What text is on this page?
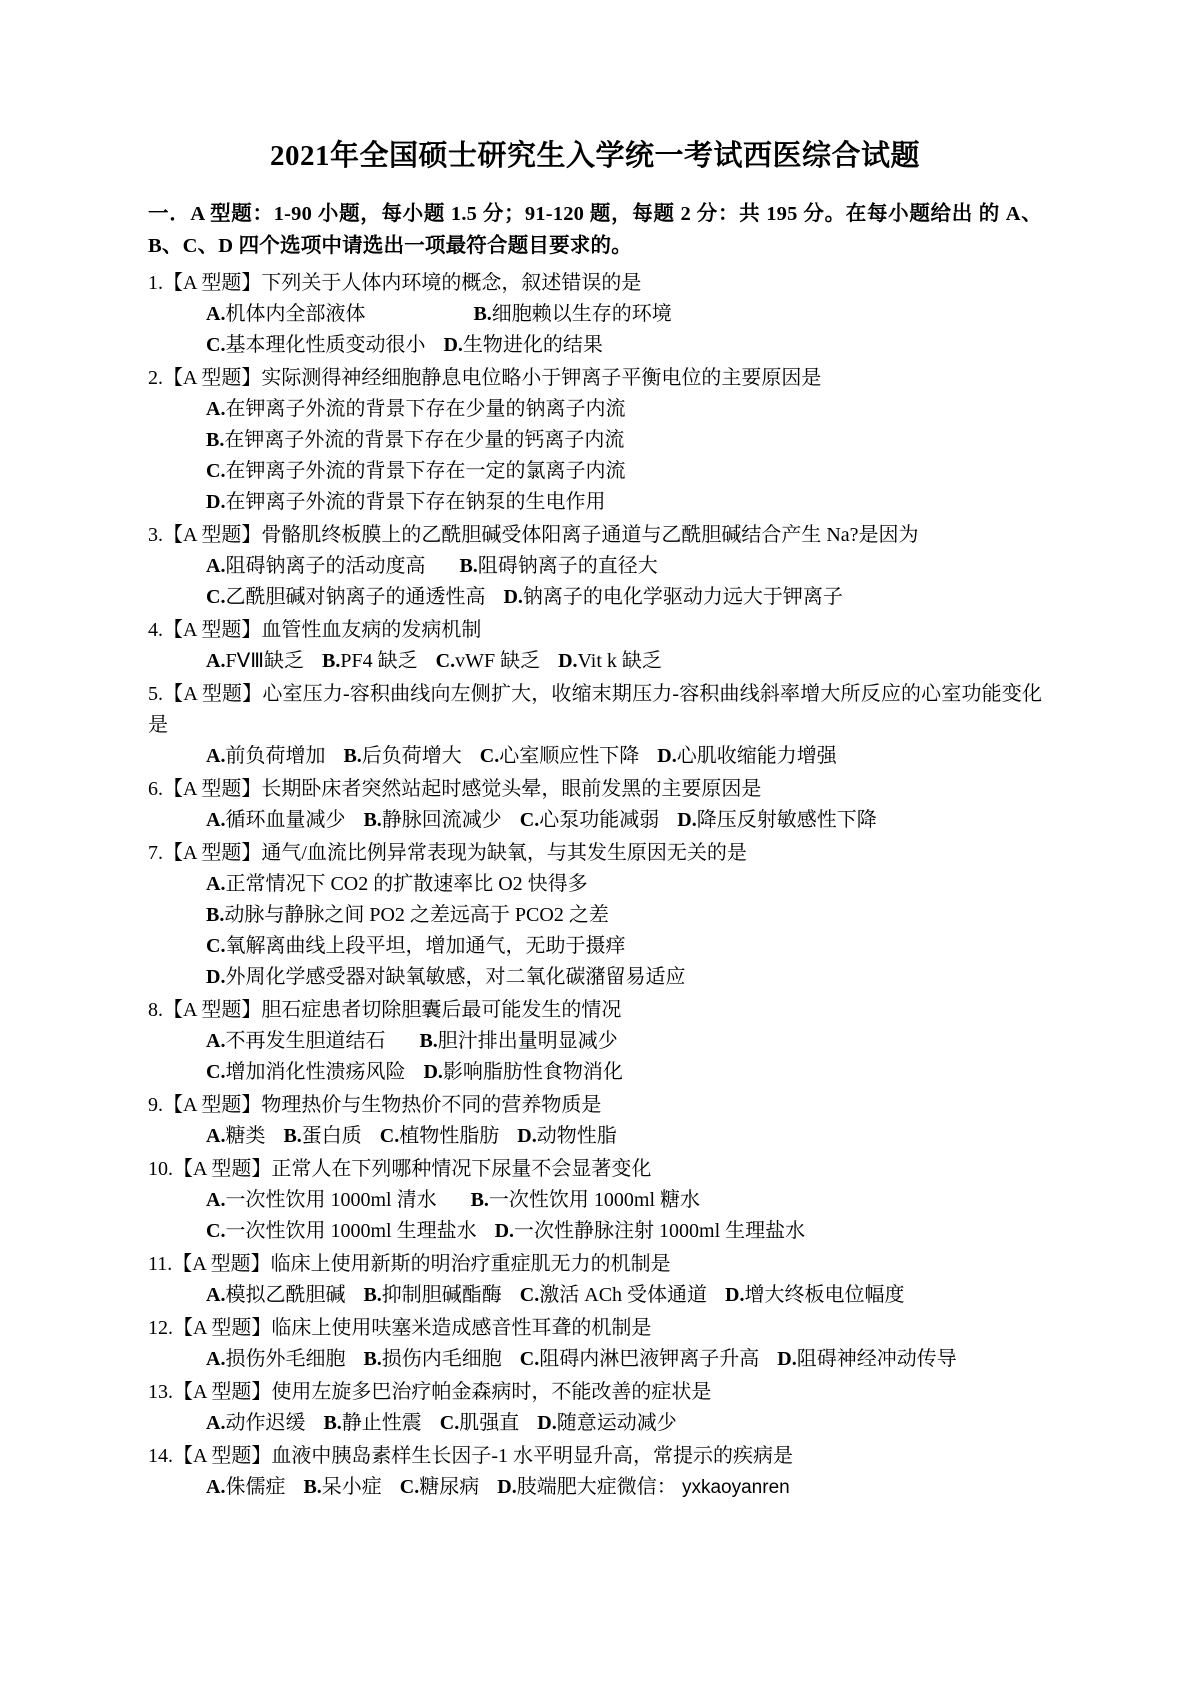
2021年全国硕士研究生入学统一考试西医综合试题
一．A 型题：1-90 小题，每小题 1.5 分；91-120 题，每题 2 分：共 195 分。在每小题给出 的 A、B、C、D 四个选项中请选出一项最符合题目要求的。
1.【A 型题】下列关于人体内环境的概念，叙述错误的是
A.机体内全部液体	B.细胞赖以生存的环境
C.基本理化性质变动很小 D.生物进化的结果
2.【A 型题】实际测得神经细胞静息电位略小于钾离子平衡电位的主要原因是
A.在钾离子外流的背景下存在少量的钠离子内流
B.在钾离子外流的背景下存在少量的钙离子内流
C.在钾离子外流的背景下存在一定的氯离子内流
D.在钾离子外流的背景下存在钠泵的生电作用
3.【A 型题】骨骼肌终板膜上的乙酰胆碱受体阳离子通道与乙酰胆碱结合产生 Na?是因为
A.阻碍钠离子的活动度高 B.阻碍钠离子的直径大
C.乙酰胆碱对钠离子的通透性高 D.钠离子的电化学驱动力远大于钾离子
4.【A 型题】血管性血友病的发病机制
A.FⅤⅢ缺乏 B.PF4 缺乏 C.vWF 缺乏 D.Vit k 缺乏
5.【A 型题】心室压力-容积曲线向左侧扩大，收缩末期压力-容积曲线斜率增大所反应的心室功能变化是
A.前负荷增加 B.后负荷增大 C.心室顺应性下降 D.心肌收缩能力增强
6.【A 型题】长期卧床者突然站起时感觉头晕，眼前发黑的主要原因是
A.循环血量减少 B.静脉回流减少 C.心泵功能减弱 D.降压反射敏感性下降
7.【A 型题】通气/血流比例异常表现为缺氧，与其发生原因无关的是
A.正常情况下 CO2 的扩散速率比 O2 快得多
B.动脉与静脉之间 PO2 之差远高于 PCO2 之差
C.氧解离曲线上段平坦，增加通气，无助于摄痒
D.外周化学感受器对缺氧敏感，对二氧化碳潴留易适应
8.【A 型题】胆石症患者切除胆囊后最可能发生的情况
A.不再发生胆道结石 B.胆汁排出量明显减少
C.增加消化性溃疡风险 D.影响脂肪性食物消化
9.【A 型题】物理热价与生物热价不同的营养物质是
A.糖类 B.蛋白质 C.植物性脂肪 D.动物性脂
10.【A 型题】正常人在下列哪种情况下尿量不会显著变化
A.一次性饮用 1000ml 清水 B.一次性饮用 1000ml 糖水
C.一次性饮用 1000ml 生理盐水 D.一次性静脉注射 1000ml 生理盐水
11.【A 型题】临床上使用新斯的明治疗重症肌无力的机制是
A.模拟乙酰胆碱 B.抑制胆碱酯酶 C.激活 ACh 受体通道 D.增大终板电位幅度
12.【A 型题】临床上使用呋塞米造成感音性耳聋的机制是
A.损伤外毛细胞 B.损伤内毛细胞 C.阻碍内淋巴液钾离子升高 D.阻碍神经冲动传导
13.【A 型题】使用左旋多巴治疗帕金森病时，不能改善的症状是
A.动作迟缓 B.静止性震 C.肌强直 D.随意运动减少
14.【A 型题】血液中胰岛素样生长因子-1 水平明显升高，常提示的疾病是
A.侏儒症 B.呆小症 C.糖尿病 D.肢端肥大症微信： yxkaoyanren
